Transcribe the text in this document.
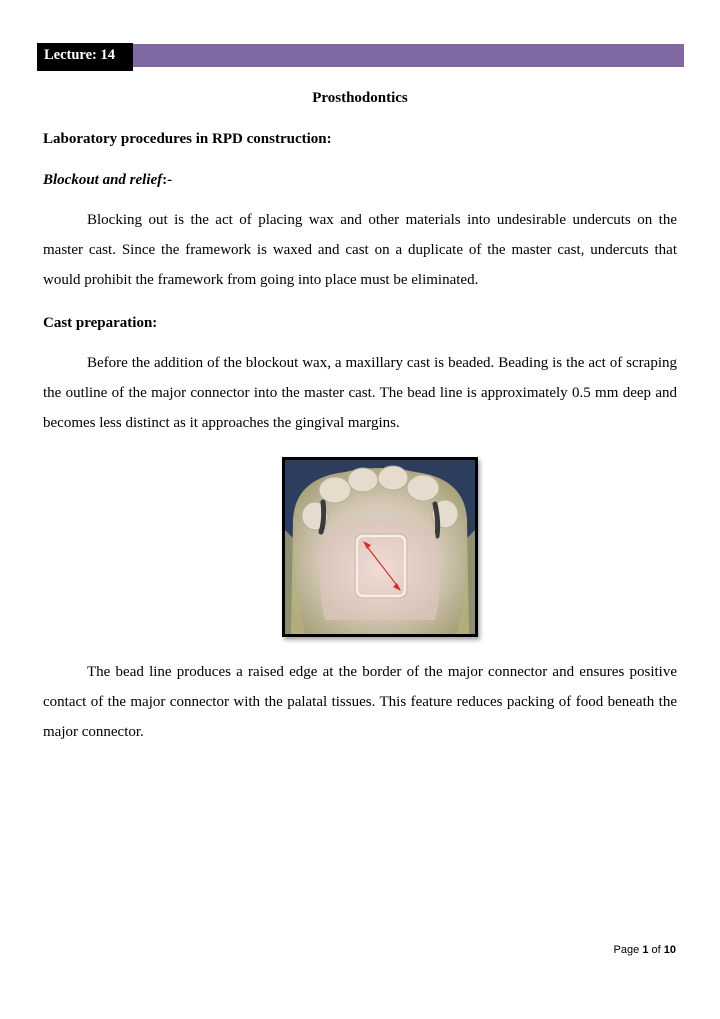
Lecture: 14
Prosthodontics
Laboratory procedures in RPD construction:
Blockout and relief:-
Blocking out is the act of placing wax and other materials into undesirable undercuts on the master cast. Since the framework is waxed and cast on a duplicate of the master cast, undercuts that would prohibit the framework from going into place must be eliminated.
Cast preparation:
Before the addition of the blockout wax, a maxillary cast is beaded. Beading is the act of scraping the outline of the major connector into the master cast. The bead line is approximately 0.5 mm deep and becomes less distinct as it approaches the gingival margins.
The bead line produces a raised edge at the border of the major connector and ensures positive contact of the major connector with the palatal tissues. This feature reduces packing of food beneath the major connector.
Page 1 of 10
